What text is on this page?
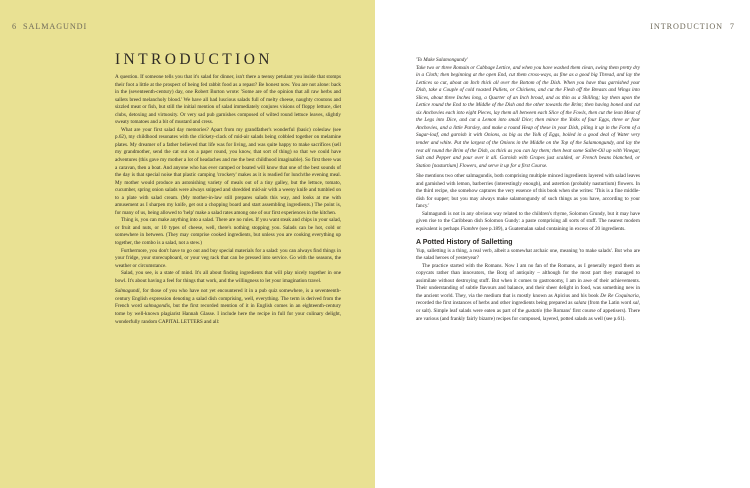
6 SALMAGUNDI
INTRODUCTION

A question. If someone tells you that it's salad for dinner, isn't there a teensy petulant you inside that stomps their foot a little at the prospect of being fed rabbit food as a repast? Be honest now. You are not alone: back in the (seventeenth-century) day, one Robert Burton wrote: 'Some are of the opinion that all raw herbs and sallets breed melancholy blood.' We have all had luscious salads full of melty cheese, naughty croutons and sizzled meat or fish, but still the initial mention of salad immediately conjures visions of floppy lettuce, diet clubs, detoxing and virtuosity. Or very sad pub garnishes composed of wilted round lettuce leaves, slightly sweaty tomatoes and a bit of mustard and cress.

What are your first salad day memories? Apart from my grandfather's wonderful (basic) coleslaw (see p.62), my childhood resonates with the clickety-clack of mid-air salads being cobbled together on melamine plates. My dreamer of a father believed that life was for living, and was quite happy to make sacrifices (sell my grandmother, send the cat out on a paper round, you know, that sort of thing) so that we could have adventures (this gave my mother a lot of headaches and me the best childhood imaginable). So first there was a caravan, then a boat. And anyone who has ever camped or boated will know that one of the best sounds of the day is that special noise that plastic camping 'crockery' makes as it is readied for lunch/the evening meal. My mother would produce an astonishing variety of meals out of a tiny galley, but the lettuce, tomato, cucumber, spring onion salads were always snipped and shredded mid-air with a weeny knife and tumbled on to a plate with salad cream. (My mother-in-law still prepares salads this way, and looks at me with amusement as I sharpen my knife, get out a chopping board and start assembling ingredients.) The point is, for many of us, being allowed to 'help' make a salad rates among one of our first experiences in the kitchen.

Thing is, you can make anything into a salad. There are no rules. If you want steak and chips in your salad, or fruit and nuts, or 10 types of cheese, well, there's nothing stopping you. Salads can be hot, cold or somewhere in between. (They may comprise cooked ingredients, but unless you are cooking everything up together, the combo is a salad, not a stew.)

Furthermore, you don't have to go out and buy special materials for a salad: you can always find things in your fridge, your storecupboard, or your veg rack that can be pressed into service. Go with the seasons, the weather or circumstance.

Salad, you see, is a state of mind. It's all about finding ingredients that will play nicely together in one bowl. It's about having a feel for things that work, and the willingness to let your imagination travel.

Salmagundi, for those of you who have not yet encountered it in a pub quiz somewhere, is a seventeenth-century English expression denoting a salad dish comprising, well, everything. The term is derived from the French word salmagondis, but the first recorded mention of it in English comes in an eighteenth-century tome by well-known plagiarist Hannah Glasse. I include here the recipe in full for your culinary delight, wonderfully random CAPITAL LETTERS and all:

INTRODUCTION 7

'To Make Salamongundy'

Take two or three Romain or Cabbage Lettice, and when you have washed them clean, swing them pretty dry in a Cloth; then beginning at the open End, cut them cross-ways, as fine as a good big Thread, and lay the Lettices so cut, about an Inch thick all over the Bottom of the Dish. When you have thus garnished your Dish, take a Couple of cold roasted Pullets, or Chickens, and cut the Flesh off the Breasts and Wings into Slices, about three Inches long, a Quarter of an Inch broad, and as thin as a Shilling; lay them upon the Lettice round the End to the Middle of the Dish and the other towards the Brim; then having boned and cut six Anchovies each into eight Pieces, lay them all between each Slice of the Fowls, then cut the lean Meat of the Legs into Dice, and cut a Lemon into small Dice; then mince the Yolks of four Eggs, three or four Anchovies, and a little Parsley, and make a round Heap of these in your Dish, piling it up in the Form of a Sugar-loaf, and garnish it with Onions, as big as the Yolk of Eggs, boiled in a good deal of Water very tender and white. Put the largest of the Onions in the Middle on the Top of the Salamongundy, and lay the rest all round the Brim of the Dish, as thick as you can lay them; then beat some Sallet-Oil up with Vinegar, Salt and Pepper and pour over it all. Garnish with Grapes just scalded, or French beans blanched, or Station [nasturtium] Flowers, and serve it up for a first Course.

She mentions two other salmagundis, both comprising multiple minced ingredients layered with salad leaves and garnished with lemon, barberries (interestingly enough), and astertion (probably nasturtium) flowers. In the third recipe, she somehow captures the very essence of this book when she writes: 'This is a fine middle-dish for supper; but you may always make salamongundy of such things as you have, according to your fancy.'

Salmagundi is not in any obvious way related to the children's rhyme, Solomon Grundy, but it may have given rise to the Caribbean dish Solomon Gundy: a paste comprising all sorts of stuff. The nearest modern equivalent is perhaps Fiambre (see p.189), a Guatemalan salad containing in excess of 20 ingredients.

A Potted History of Salletting

Yup, salletting is a thing, a real verb, albeit a somewhat archaic one, meaning 'to make salads'. But who are the salad heroes of yesteryear?

The practice started with the Romans. Now I am no fan of the Romans, as I generally regard them as copycats rather than innovators, the Borg of antiquity – although for the most part they managed to assimilate without destroying stuff. But when it comes to gastronomy, I am in awe of their achievements. Their understanding of subtle flavours and balance, and their sheer delight in food, was something new in the ancient world. They, via the medium that is mostly known as Apicius and his book De Re Coquinaria, recorded the first instances of herbs and other ingredients being prepared as salata (from the Latin word sal, or salt). Simple leaf salads were eaten as part of the gustatio (the Romans' first course of appetisers). There are various (and frankly fairly bizarre) recipes for composed, layered, potted salads as well (see p.61).
